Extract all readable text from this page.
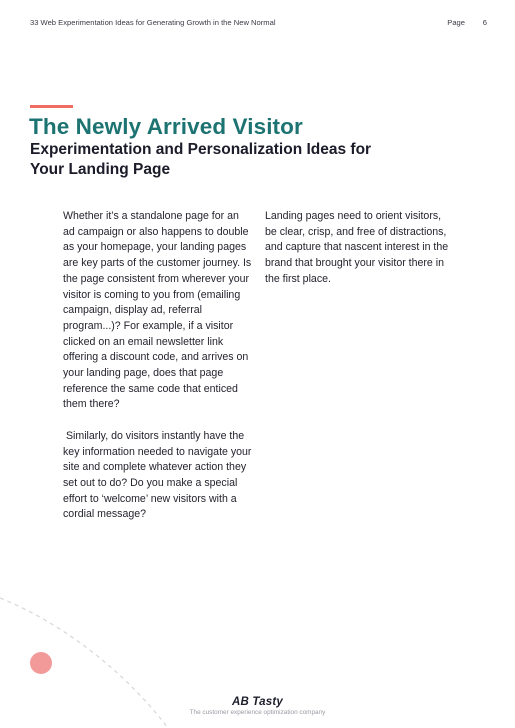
33 Web Experimentation Ideas for Generating Growth in the New Normal	Page 6
The Newly Arrived Visitor
Experimentation and Personalization Ideas for Your Landing Page

Whether it’s a standalone page for an ad campaign or also happens to double as your homepage, your landing pages are key parts of the customer journey. Is the page consistent from wherever your visitor is coming to you from (emailing campaign, display ad, referral program...)? For example, if a visitor clicked on an email newsletter link offering a discount code, and arrives on your landing page, does that page reference the same code that enticed them there?

Similarly, do visitors instantly have the key information needed to navigate your site and complete whatever action they set out to do? Do you make a special effort to ‘welcome’ new visitors with a cordial message?

Landing pages need to orient visitors, be clear, crisp, and free of distractions, and capture that nascent interest in the brand that brought your visitor there in the first place.

AB Tasty
The customer experience optimization company
